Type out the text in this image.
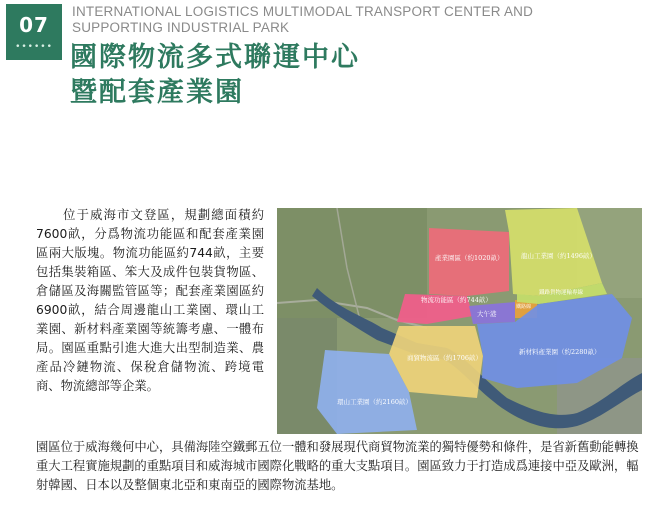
07
••••••
INTERNATIONAL LOGISTICS MULTIMODAL TRANSPORT CENTER AND
SUPPORTING INDUSTRIAL PARK
國際物流多式聯運中心
暨配套產業園
位于威海市文登區，規劃總面積約7600畝，分爲物流功能區和配套產業園區兩大版塊。物流功能區約744畝，主要包括集裝箱區、笨大及成件包裝貨物區、倉儲區及海關監管區等；配套產業園區約6900畝，結合周邊龍山工業園、環山工業園、新材料產業園等統籌考慮、一體布局。園區重點引進大進大出型制造業、農產品冷鏈物流、保稅倉儲物流、跨境電商、物流總部等企業。
園區位于威海幾何中心，具備海陸空鐵郵五位一體和發展現代商貿物流業的獨特優勢和條件，是省新舊動能轉換重大工程實施規劃的重點項目和威海城市國際化戰略的重大支點項目。園區致力于打造成爲連接中亞及歐洲，輻射韓國、日本以及整個東北亞和東南亞的國際物流基地。
產業園區（約1020畝）	龍山工業園（約1496畝）
物流功能區（約744畝）
大午港
鐵路線
鐵路貨物運輸專線
商貿物流區（約1706畝）
新材料產業園（約2280畝）
環山工業園（約2160畝）
